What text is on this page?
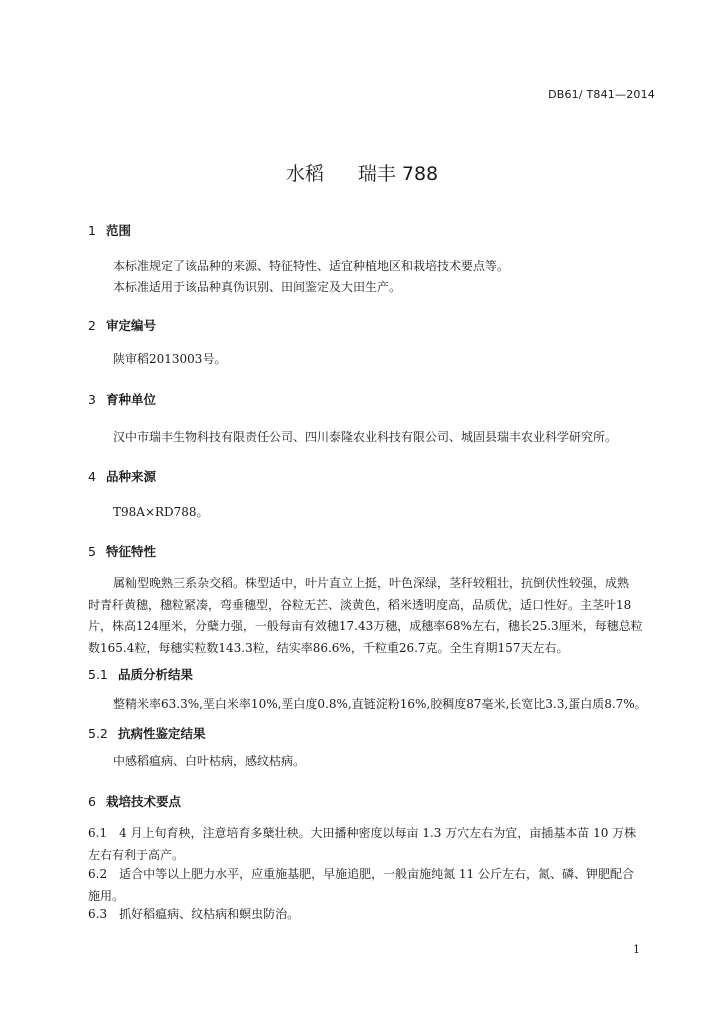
DB61/ T841—2014
水稻 瑞丰 788
1 范围
本标准规定了该品种的来源、特征特性、适宜种植地区和栽培技术要点等。
本标准适用于该品种真伪识别、田间鉴定及大田生产。
2 审定编号
陕审稻2013003号。
3 育种单位
汉中市瑞丰生物科技有限责任公司、四川泰隆农业科技有限公司、城固县瑞丰农业科学研究所。
4 品种来源
T98A×RD788。
5 特征特性
属籼型晚熟三系杂交稻。株型适中，叶片直立上挺，叶色深绿，茎秆较粗壮，抗倒伏性较强，成熟
时青秆黄穗，穗粒紧凑，弯垂穗型，谷粒无芒、淡黄色，稻米透明度高，品质优，适口性好。主茎叶18
片，株高124厘米，分蘖力强，一般每亩有效穗17.43万穗，成穗率68%左右，穗长25.3厘米，每穗总粒
数165.4粒，每穗实粒数143.3粒，结实率86.6%，千粒重26.7克。全生育期157天左右。
5.1 品质分析结果
整精米率63.3%,垩白米率10%,垩白度0.8%,直链淀粉16%,胶稠度87毫米,长宽比3.3,蛋白质8.7%。
5.2 抗病性鉴定结果
中感稻瘟病、白叶枯病，感纹枯病。
6 栽培技术要点
6.1　4 月上旬育秧，注意培育多蘖壮秧。大田播种密度以每亩 1.3 万穴左右为宜，亩插基本苗 10 万株
左右有利于高产。
6.2　适合中等以上肥力水平，应重施基肥，早施追肥，一般亩施纯氮 11 公斤左右，氮、磷、钾肥配合
施用。
6.3　抓好稻瘟病、纹枯病和螟虫防治。
1
